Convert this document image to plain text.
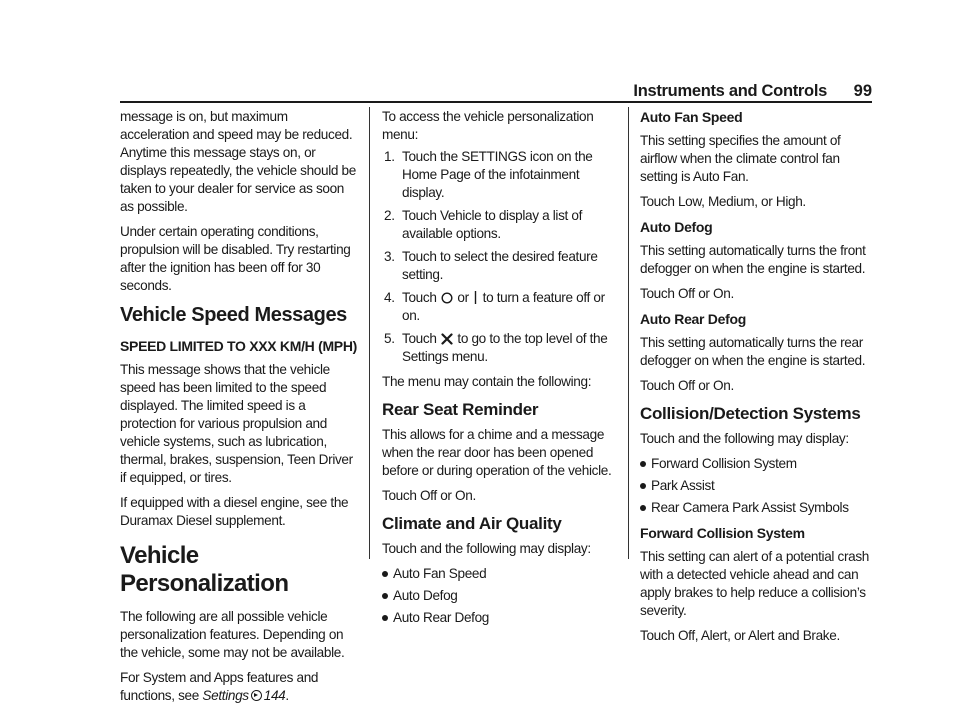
Instruments and Controls 99

message is on, but maximum acceleration and speed may be reduced. Anytime this message stays on, or displays repeatedly, the vehicle should be taken to your dealer for service as soon as possible.

Under certain operating conditions, propulsion will be disabled. Try restarting after the ignition has been off for 30 seconds.

Vehicle Speed Messages
SPEED LIMITED TO XXX KM/H (MPH)

This message shows that the vehicle speed has been limited to the speed displayed. The limited speed is a protection for various propulsion and vehicle systems, such as lubrication, thermal, brakes, suspension, Teen Driver if equipped, or tires.

If equipped with a diesel engine, see the Duramax Diesel supplement.

Vehicle Personalization

The following are all possible vehicle personalization features. Depending on the vehicle, some may not be available.

For System and Apps features and functions, see Settings 144.

To access the vehicle personalization menu:

1. Touch the SETTINGS icon on the Home Page of the infotainment display.
2. Touch Vehicle to display a list of available options.
3. Touch to select the desired feature setting.
4. Touch or to turn a feature off or on.
5. Touch to go to the top level of the Settings menu.

The menu may contain the following:

Rear Seat Reminder

This allows for a chime and a message when the rear door has been opened before or during operation of the vehicle.

Touch Off or On.

Climate and Air Quality

Touch and the following may display:

Auto Fan Speed
Auto Defog
Auto Rear Defog
Auto Fan Speed

This setting specifies the amount of airflow when the climate control fan setting is Auto Fan.

Touch Low, Medium, or High.

Auto Defog

This setting automatically turns the front defogger on when the engine is started.

Touch Off or On.

Auto Rear Defog

This setting automatically turns the rear defogger on when the engine is started.

Touch Off or On.

Collision/Detection Systems

Touch and the following may display:

Forward Collision System
Park Assist
Rear Camera Park Assist Symbols
Forward Collision System

This setting can alert of a potential crash with a detected vehicle ahead and can apply brakes to help reduce a collision’s severity.

Touch Off, Alert, or Alert and Brake.
